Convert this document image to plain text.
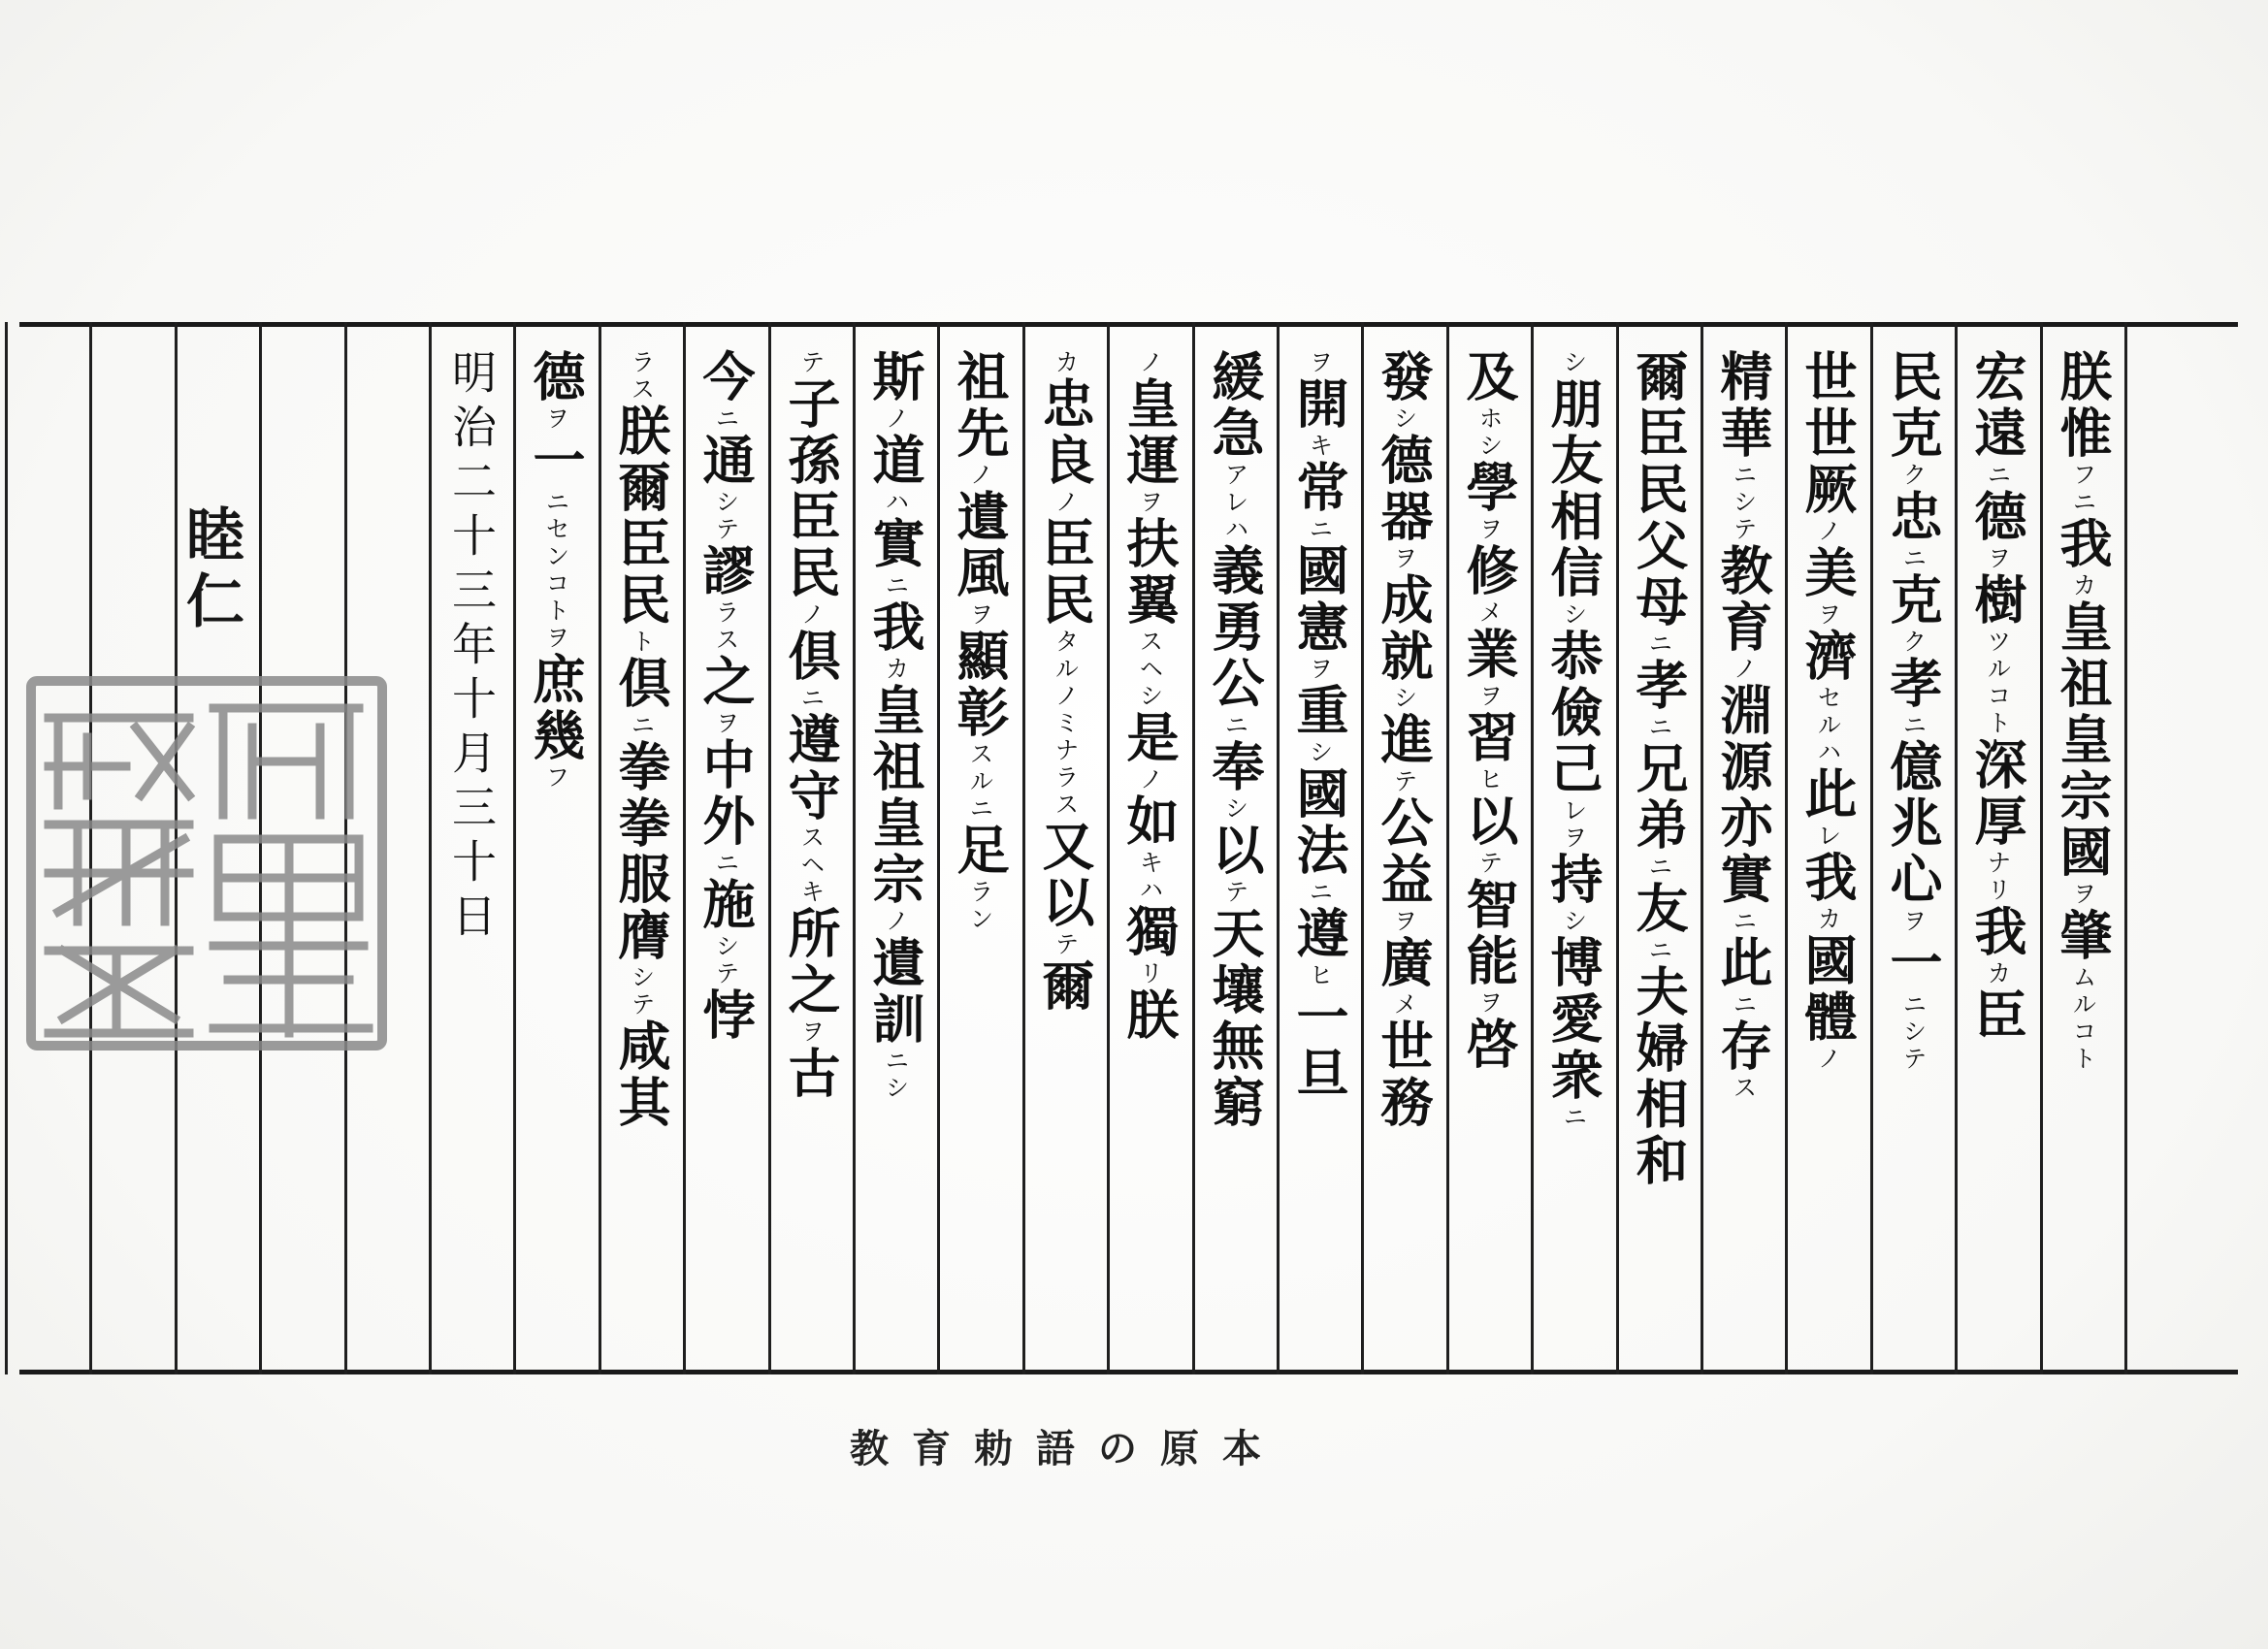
朕惟フニ我カ皇祖皇宗國ヲ肇ムルコト
宏遠ニ德ヲ樹ツルコト深厚ナリ我カ臣
民克ク忠ニ克ク孝ニ億兆心ヲ一ニシテ
世世厥ノ美ヲ濟セルハ此レ我カ國體ノ
精華ニシテ教育ノ淵源亦實ニ此ニ存ス
爾臣民父母ニ孝ニ兄弟ニ友ニ夫婦相和
シ朋友相信シ恭儉己レヲ持シ博愛衆ニ
及ホシ學ヲ修メ業ヲ習ヒ以テ智能ヲ啓
發シ德器ヲ成就シ進テ公益ヲ廣メ世務
ヲ開キ常ニ國憲ヲ重シ國法ニ遵ヒ一旦
緩急アレハ義勇公ニ奉シ以テ天壤無窮
ノ皇運ヲ扶翼スヘシ是ノ如キハ獨リ朕
カ忠良ノ臣民タルノミナラス又以テ爾
祖先ノ遺風ヲ顯彰スルニ足ラン
斯ノ道ハ實ニ我カ皇祖皇宗ノ遺訓ニシ
テ子孫臣民ノ倶ニ遵守スヘキ所之ヲ古
今ニ通シテ謬ラス之ヲ中外ニ施シテ悖
ラス朕爾臣民ト倶ニ拳拳服膺シテ咸其
德ヲ一ニセンコトヲ庶幾フ
明治二十三年十月三十日
睦仁
教育勅語の原本
